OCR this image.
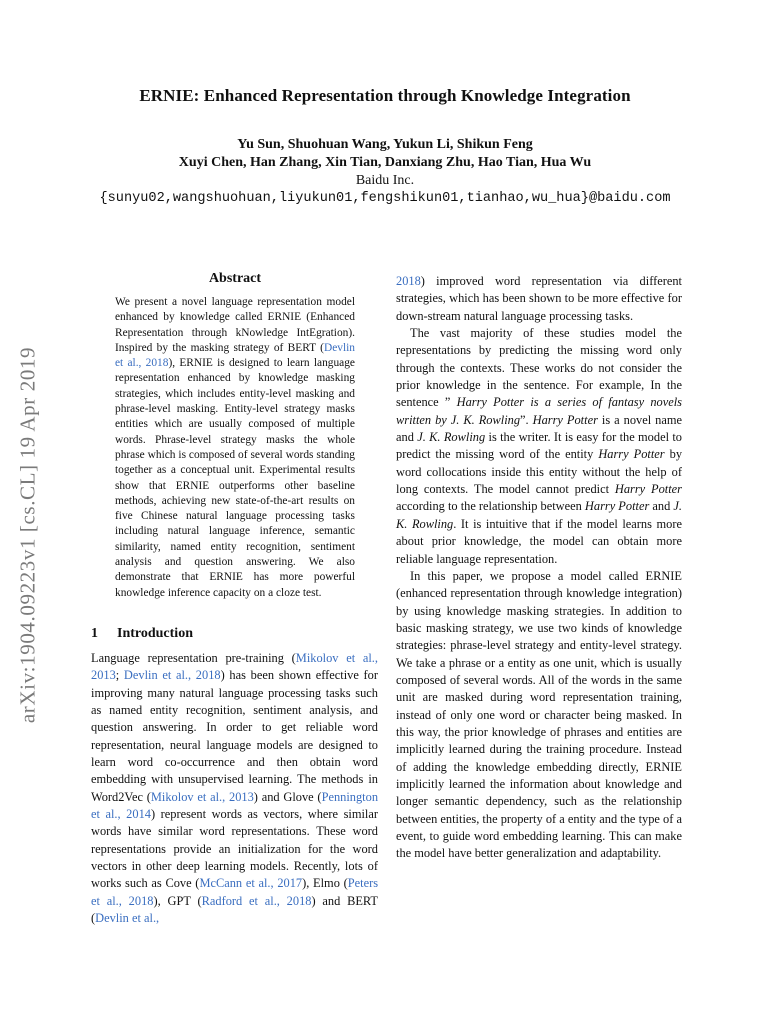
ERNIE: Enhanced Representation through Knowledge Integration
Yu Sun, Shuohuan Wang, Yukun Li, Shikun Feng
Xuyi Chen, Han Zhang, Xin Tian, Danxiang Zhu, Hao Tian, Hua Wu
Baidu Inc.
{sunyu02,wangshuohuan,liyukun01,fengshikun01,tianhao,wu_hua}@baidu.com
arXiv:1904.09223v1 [cs.CL] 19 Apr 2019
Abstract

We present a novel language representation model enhanced by knowledge called ERNIE (Enhanced Representation through kNowledge IntEgration). Inspired by the masking strategy of BERT (Devlin et al., 2018), ERNIE is designed to learn language representation enhanced by knowledge masking strategies, which includes entity-level masking and phrase-level masking. Entity-level strategy masks entities which are usually composed of multiple words. Phrase-level strategy masks the whole phrase which is composed of several words standing together as a conceptual unit. Experimental results show that ERNIE outperforms other baseline methods, achieving new state-of-the-art results on five Chinese natural language processing tasks including natural language inference, semantic similarity, named entity recognition, sentiment analysis and question answering. We also demonstrate that ERNIE has more powerful knowledge inference capacity on a cloze test.

1 Introduction

Language representation pre-training (Mikolov et al., 2013; Devlin et al., 2018) has been shown effective for improving many natural language processing tasks such as named entity recognition, sentiment analysis, and question answering. In order to get reliable word representation, neural language models are designed to learn word co-occurrence and then obtain word embedding with unsupervised learning. The methods in Word2Vec (Mikolov et al., 2013) and Glove (Pennington et al., 2014) represent words as vectors, where similar words have similar word representations. These word representations provide an initialization for the word vectors in other deep learning models. Recently, lots of works such as Cove (McCann et al., 2017), Elmo (Peters et al., 2018), GPT (Radford et al., 2018) and BERT (Devlin et al.,

2018) improved word representation via different strategies, which has been shown to be more effective for down-stream natural language processing tasks.

The vast majority of these studies model the representations by predicting the missing word only through the contexts. These works do not consider the prior knowledge in the sentence. For example, In the sentence ” Harry Potter is a series of fantasy novels written by J. K. Rowling”. Harry Potter is a novel name and J. K. Rowling is the writer. It is easy for the model to predict the missing word of the entity Harry Potter by word collocations inside this entity without the help of long contexts. The model cannot predict Harry Potter according to the relationship between Harry Potter and J. K. Rowling. It is intuitive that if the model learns more about prior knowledge, the model can obtain more reliable language representation.

In this paper, we propose a model called ERNIE (enhanced representation through knowledge integration) by using knowledge masking strategies. In addition to basic masking strategy, we use two kinds of knowledge strategies: phrase-level strategy and entity-level strategy. We take a phrase or a entity as one unit, which is usually composed of several words. All of the words in the same unit are masked during word representation training, instead of only one word or character being masked. In this way, the prior knowledge of phrases and entities are implicitly learned during the training procedure. Instead of adding the knowledge embedding directly, ERNIE implicitly learned the information about knowledge and longer semantic dependency, such as the relationship between entities, the property of a entity and the type of a event, to guide word embedding learning. This can make the model have better generalization and adaptability.
